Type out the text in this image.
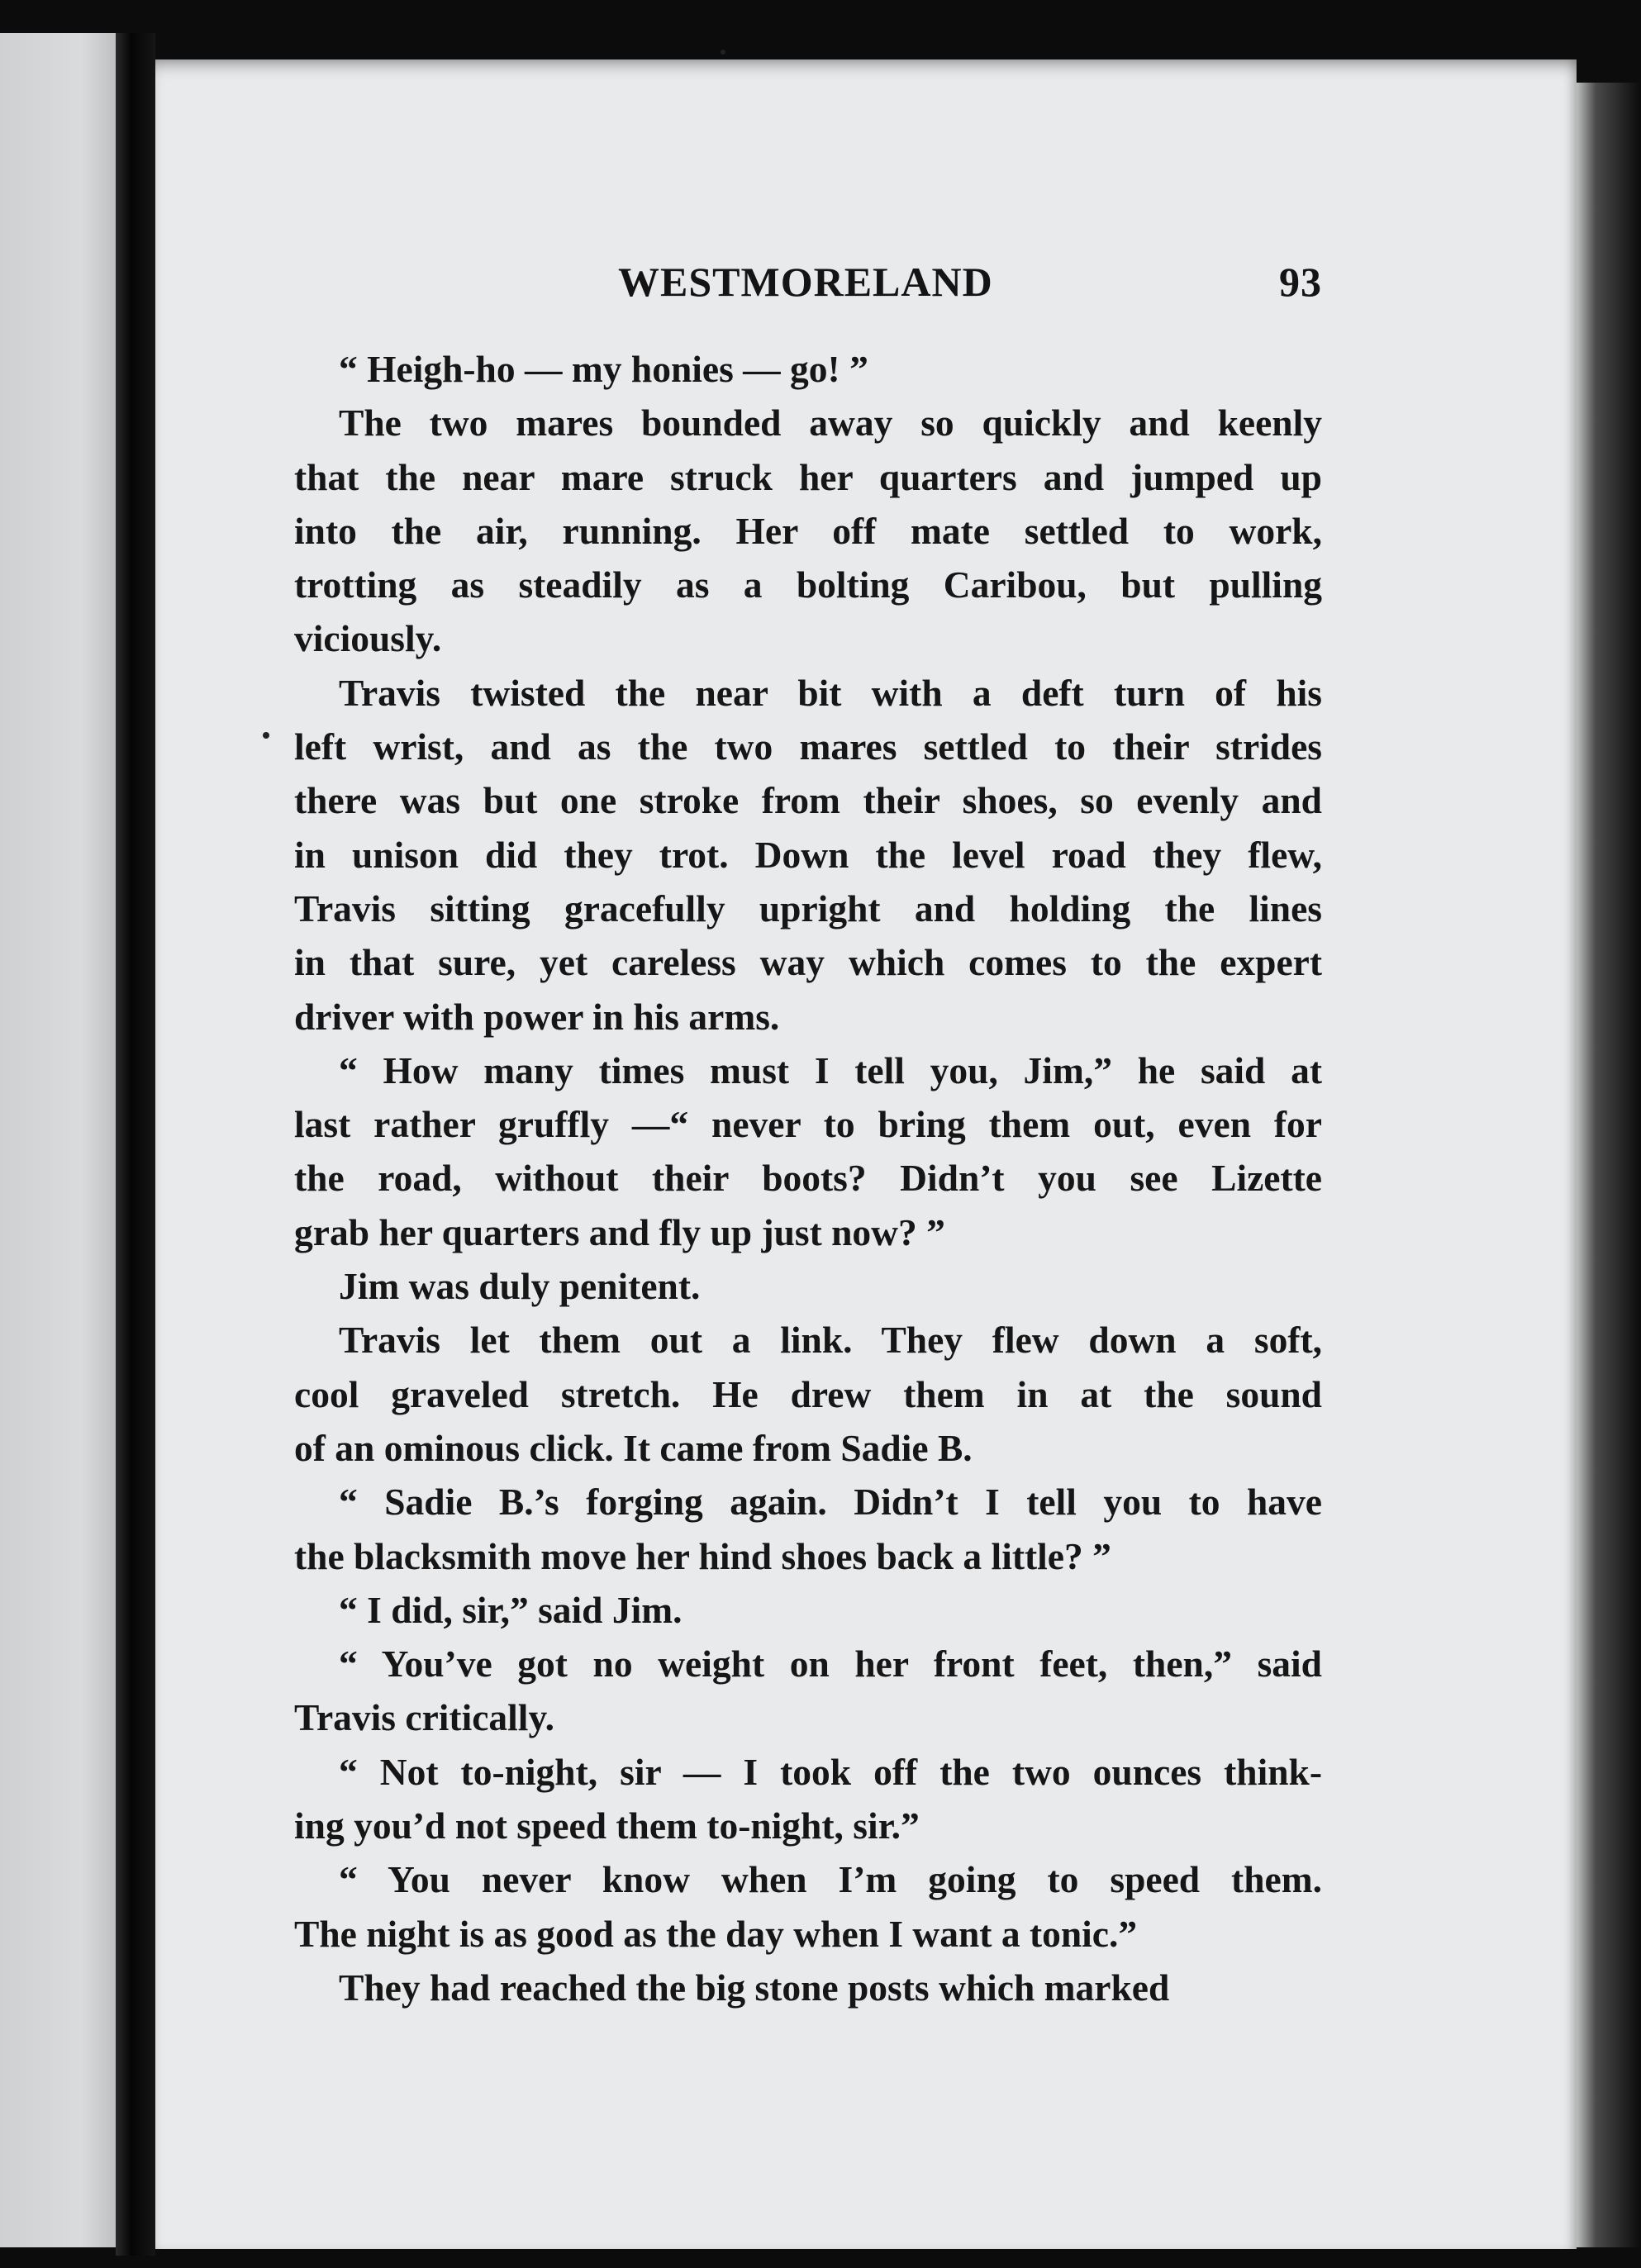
WESTMORELAND	93
“ Heigh-ho — my honies — go! ”
The two mares bounded away so quickly and keenly
that the near mare struck her quarters and jumped up
into the air, running. Her off mate settled to work,
trotting as steadily as a bolting Caribou, but pulling
viciously.
Travis twisted the near bit with a deft turn of his
left wrist, and as the two mares settled to their strides
there was but one stroke from their shoes, so evenly and
in unison did they trot. Down the level road they flew,
Travis sitting gracefully upright and holding the lines
in that sure, yet careless way which comes to the expert
driver with power in his arms.
“ How many times must I tell you, Jim,” he said at
last rather gruffly —“ never to bring them out, even for
the road, without their boots? Didn’t you see Lizette
grab her quarters and fly up just now? ”
Jim was duly penitent.
Travis let them out a link. They flew down a soft,
cool graveled stretch. He drew them in at the sound
of an ominous click. It came from Sadie B.
“ Sadie B.’s forging again. Didn’t I tell you to have
the blacksmith move her hind shoes back a little? ”
“ I did, sir,” said Jim.
“ You’ve got no weight on her front feet, then,” said
Travis critically.
“ Not to-night, sir — I took off the two ounces think-
ing you’d not speed them to-night, sir.”
“ You never know when I’m going to speed them.
The night is as good as the day when I want a tonic.”
They had reached the big stone posts which marked
